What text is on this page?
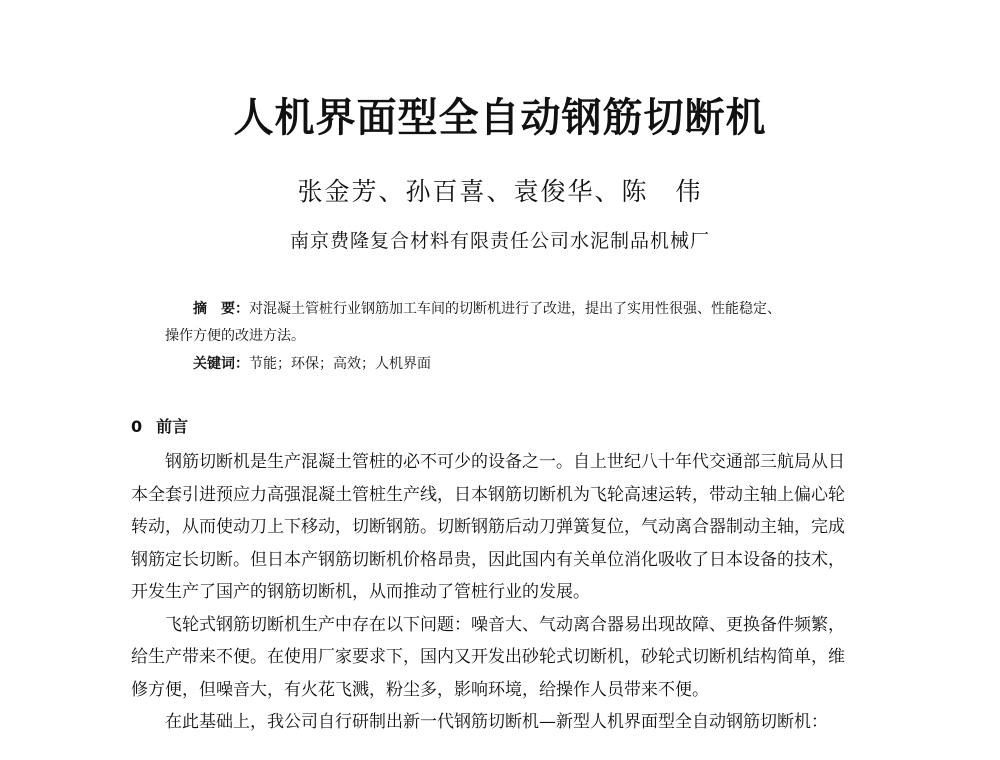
人机界面型全自动钢筋切断机
张金芳、孙百喜、袁俊华、陈　伟
南京费隆复合材料有限责任公司水泥制品机械厂
摘　要：对混凝土管桩行业钢筋加工车间的切断机进行了改进，提出了实用性很强、性能稳定、
操作方便的改进方法。
关键词：节能；环保；高效；人机界面
0 前言
钢筋切断机是生产混凝土管桩的必不可少的设备之一。自上世纪八十年代交通部三航局从日
本全套引进预应力高强混凝土管桩生产线，日本钢筋切断机为飞轮高速运转，带动主轴上偏心轮
转动，从而使动刀上下移动，切断钢筋。切断钢筋后动刀弹簧复位，气动离合器制动主轴，完成
钢筋定长切断。但日本产钢筋切断机价格昂贵，因此国内有关单位消化吸收了日本设备的技术，
开发生产了国产的钢筋切断机，从而推动了管桩行业的发展。
飞轮式钢筋切断机生产中存在以下问题：噪音大、气动离合器易出现故障、更换备件频繁，
给生产带来不便。在使用厂家要求下，国内又开发出砂轮式切断机，砂轮式切断机结构简单，维
修方便，但噪音大，有火花飞溅，粉尘多，影响环境，给操作人员带来不便。
在此基础上，我公司自行研制出新一代钢筋切断机—新型人机界面型全自动钢筋切断机：
